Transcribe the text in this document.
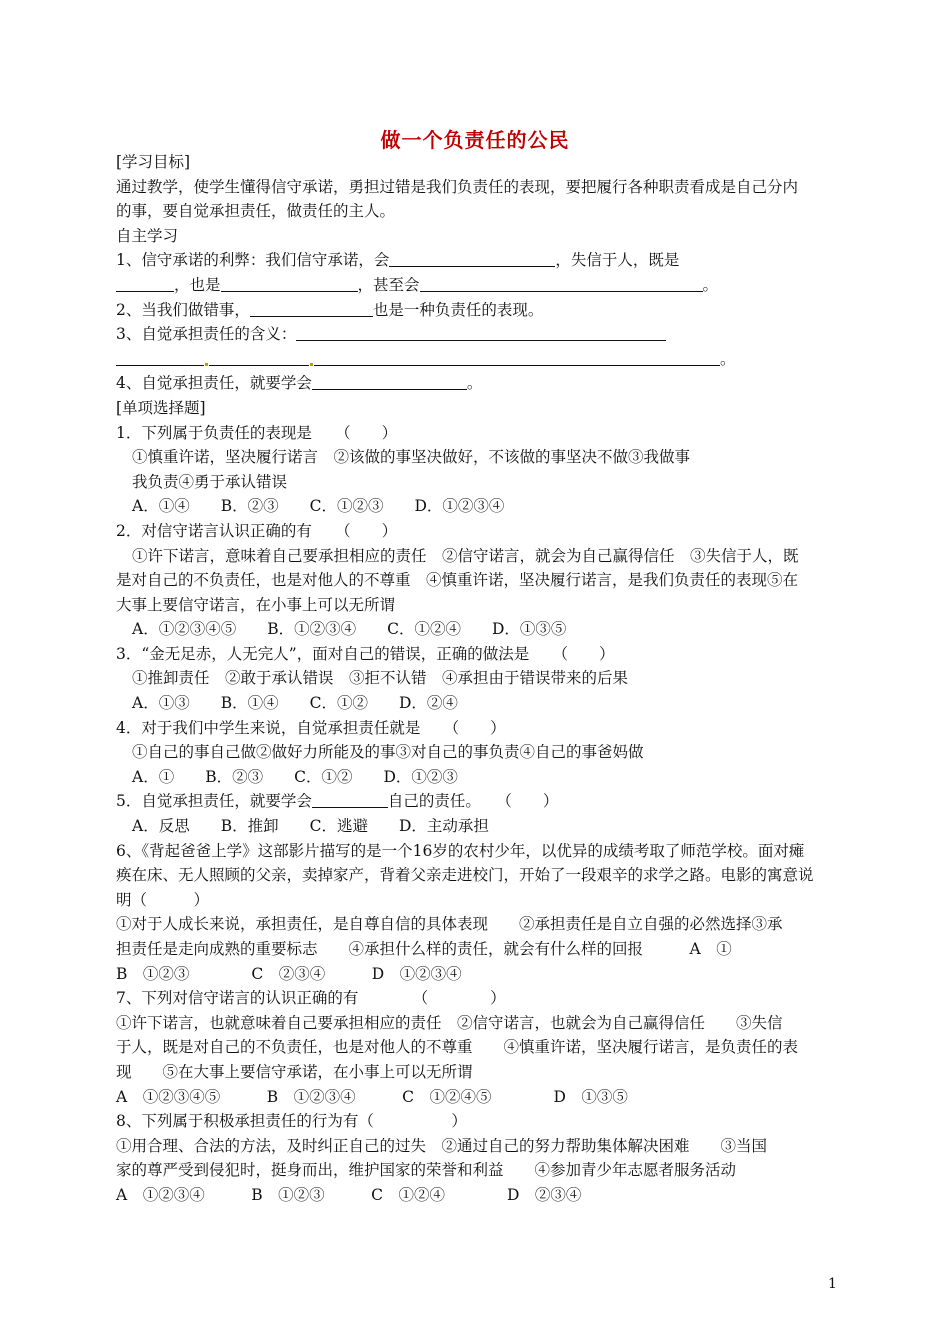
做一个负责任的公民
[学习目标]
通过教学，使学生懂得信守承诺，勇担过错是我们负责任的表现，要把履行各种职责看成是自己分内
的事，要自觉承担责任，做责任的主人。
自主学习
1、信守承诺的利弊：我们信守承诺，会	，失信于人，既是
，也是	，甚至会	。
2、当我们做错事，	也是一种负责任的表现。
3、自觉承担责任的含义：
。
4、自觉承担责任，就要学会	。
[单项选择题]
1．下列属于负责任的表现是　　（　　）
①慎重许诺，坚决履行诺言　②该做的事坚决做好，不该做的事坚决不做③我做事
我负责④勇于承认错误
A．①④　　B．②③　　C．①②③　　D．①②③④
2．对信守诺言认识正确的有　　（　　）
①许下诺言，意味着自己要承担相应的责任　②信守诺言，就会为自己赢得信任　③失信于人，既
是对自己的不负责任，也是对他人的不尊重　④慎重许诺，坚决履行诺言，是我们负责任的表现⑤在
大事上要信守诺言，在小事上可以无所谓
A．①②③④⑤　　B．①②③④　　C．①②④　　D．①③⑤
3．“金无足赤，人无完人”，面对自己的错误，正确的做法是　　（　　）
①推卸责任　②敢于承认错误　③拒不认错　④承担由于错误带来的后果
A．①③　　B．①④　　C．①②　　D．②④
4．对于我们中学生来说，自觉承担责任就是　　（　　）
①自己的事自己做②做好力所能及的事③对自己的事负责④自己的事爸妈做
A．①　　B．②③　　C．①②　　D．①②③
5．自觉承担责任，就要学会	自己的责任。　　（　　）
A．反思　　B．推卸　　C．逃避　　D．主动承担
6、《背起爸爸上学》这部影片描写的是一个16岁的农村少年，以优异的成绩考取了师范学校。面对瘫
痪在床、无人照顾的父亲，卖掉家产，背着父亲走进校门，开始了一段艰辛的求学之路。电影的寓意说
明（　　　）
①对于人成长来说，承担责任，是自尊自信的具体表现　　②承担责任是自立自强的必然选择③承
担责任是走向成熟的重要标志　　④承担什么样的责任，就会有什么样的回报　　　A　①
B　①②③　　　　C　②③④　　　D　①②③④
7、下列对信守诺言的认识正确的有　　　　（　　　　）
①许下诺言，也就意味着自己要承担相应的责任　②信守诺言，也就会为自己赢得信任　　③失信
于人，既是对自己的不负责任，也是对他人的不尊重　　④慎重许诺，坚决履行诺言，是负责任的表
现　　⑤在大事上要信守承诺，在小事上可以无所谓
A　①②③④⑤　　　B　①②③④　　　C　①②④⑤　　　　D　①③⑤
8、下列属于积极承担责任的行为有（　　　　　）
①用合理、合法的方法，及时纠正自己的过失　②通过自己的努力帮助集体解决困难　　③当国
家的尊严受到侵犯时，挺身而出，维护国家的荣誉和利益　　④参加青少年志愿者服务活动
A　①②③④　　　B　①②③　　　C　①②④　　　　D　②③④
1
